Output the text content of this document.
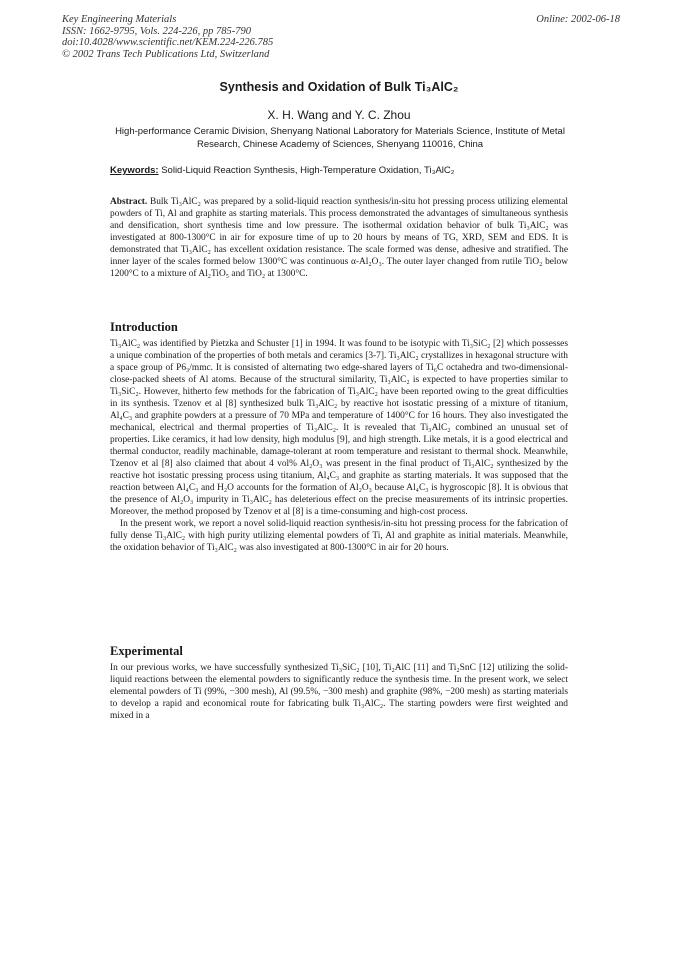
Key Engineering Materials
ISSN: 1662-9795, Vols. 224-226, pp 785-790
doi:10.4028/www.scientific.net/KEM.224-226.785
© 2002 Trans Tech Publications Ltd, Switzerland
Online: 2002-06-18
Synthesis and Oxidation of Bulk Ti₃AlC₂
X. H. Wang and Y. C. Zhou
High-performance Ceramic Division, Shenyang National Laboratory for Materials Science, Institute of Metal Research, Chinese Academy of Sciences, Shenyang 110016, China
Keywords: Solid-Liquid Reaction Synthesis, High-Temperature Oxidation, Ti₃AlC₂

Abstract. Bulk Ti₃AlC₂ was prepared by a solid-liquid reaction synthesis/in-situ hot pressing process utilizing elemental powders of Ti, Al and graphite as starting materials. This process demonstrated the advantages of simultaneous synthesis and densification, short synthesis time and low pressure. The isothermal oxidation behavior of bulk Ti₃AlC₂ was investigated at 800-1300°C in air for exposure time of up to 20 hours by means of TG, XRD, SEM and EDS. It is demonstrated that Ti₃AlC₂ has excellent oxidation resistance. The scale formed was dense, adhesive and stratified. The inner layer of the scales formed below 1300°C was continuous α-Al₂O₃. The outer layer changed from rutile TiO₂ below 1200°C to a mixture of Al₂TiO₅ and TiO₂ at 1300°C.

Introduction

Ti₃AlC₂ was identified by Pietzka and Schuster [1] in 1994. It was found to be isotypic with Ti₃SiC₂ [2] which possesses a unique combination of the properties of both metals and ceramics [3-7]. Ti₃AlC₂ crystallizes in hexagonal structure with a space group of P6₃/mmc. It is consisted of alternating two edge-shared layers of Ti₆C octahedra and two-dimensional-close-packed sheets of Al atoms. Because of the structural similarity, Ti₃AlC₂ is expected to have properties similar to Ti₃SiC₂. However, hitherto few methods for the fabrication of Ti₃AlC₂ have been reported owing to the great difficulties in its synthesis. Tzenov et al [8] synthesized bulk Ti₃AlC₂ by reactive hot isostatic pressing of a mixture of titanium, Al₄C₃ and graphite powders at a pressure of 70 MPa and temperature of 1400°C for 16 hours. They also investigated the mechanical, electrical and thermal properties of Ti₃AlC₂. It is revealed that Ti₃AlC₂ combined an unusual set of properties. Like ceramics, it had low density, high modulus [9], and high strength. Like metals, it is a good electrical and thermal conductor, readily machinable, damage-tolerant at room temperature and resistant to thermal shock. Meanwhile, Tzenov et al [8] also claimed that about 4 vol% Al₂O₃ was present in the final product of Ti₃AlC₂ synthesized by the reactive hot isostatic pressing process using titanium, Al₄C₃ and graphite as starting materials. It was supposed that the reaction between Al₄C₃ and H₂O accounts for the formation of Al₂O₃ because Al₄C₃ is hygroscopic [8]. It is obvious that the presence of Al₂O₃ impurity in Ti₃AlC₂ has deleterious effect on the precise measurements of its intrinsic properties. Moreover, the method proposed by Tzenov et al [8] is a time-consuming and high-cost process.

In the present work, we report a novel solid-liquid reaction synthesis/in-situ hot pressing process for the fabrication of fully dense Ti₃AlC₂ with high purity utilizing elemental powders of Ti, Al and graphite as initial materials. Meanwhile, the oxidation behavior of Ti₃AlC₂ was also investigated at 800-1300°C in air for 20 hours.

Experimental

In our previous works, we have successfully synthesized Ti₃SiC₂ [10], Ti₂AlC [11] and Ti₂SnC [12] utilizing the solid-liquid reactions between the elemental powders to significantly reduce the synthesis time. In the present work, we select elemental powders of Ti (99%, −300 mesh), Al (99.5%, −300 mesh) and graphite (98%, −200 mesh) as starting materials to develop a rapid and economical route for fabricating bulk Ti₃AlC₂. The starting powders were first weighted and mixed in a
